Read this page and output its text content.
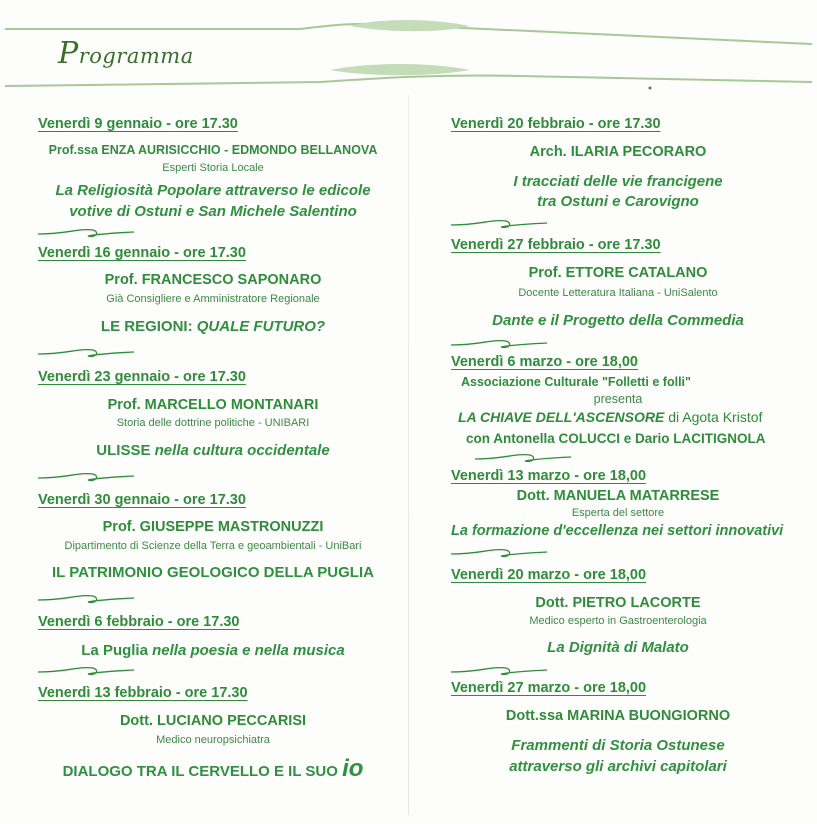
Programma
Venerdì 9 gennaio - ore 17.30
Prof.ssa ENZA AURISICCHIO - EDMONDO BELLANOVA
Esperti Storia Locale
La Religiosità Popolare attraverso le edicole
votive di Ostuni e San Michele Salentino
Venerdì 16 gennaio - ore 17.30
Prof. FRANCESCO SAPONARO
Già Consigliere e Amministratore Regionale
LE REGIONI: QUALE FUTURO?
Venerdì 23 gennaio - ore 17.30
Prof. MARCELLO MONTANARI
Storia delle dottrine politiche - UNIBARI
ULISSE nella cultura occidentale
Venerdì 30 gennaio - ore 17.30
Prof. GIUSEPPE MASTRONUZZI
Dipartimento di Scienze della Terra e geoambientali - UniBari
IL PATRIMONIO GEOLOGICO DELLA PUGLIA
Venerdì 6 febbraio - ore 17.30
La Puglia nella poesia e nella musica
Venerdì 13 febbraio - ore 17.30
Dott. LUCIANO PECCARISI
Medico neuropsichiatra
DIALOGO TRA IL CERVELLO E IL SUO io
Venerdì 20 febbraio - ore 17.30
Arch. ILARIA PECORARO
I tracciati delle vie francigene
tra Ostuni e Carovigno
Venerdì 27 febbraio - ore 17.30
Prof. ETTORE CATALANO
Docente Letteratura Italiana - UniSalento
Dante e il Progetto della Commedia
Venerdì 6 marzo - ore 18,00
Associazione Culturale "Folletti e folli"
presenta
LA CHIAVE DELL'ASCENSORE di Agota Kristof
con Antonella COLUCCI e Dario LACITIGNOLA
Venerdì 13 marzo - ore 18,00
Dott. MANUELA MATARRESE
Esperta del settore
La formazione d'eccellenza nei settori innovativi
Venerdì 20 marzo - ore 18,00
Dott. PIETRO LACORTE
Medico esperto in Gastroenterologia
La Dignità di Malato
Venerdì 27 marzo - ore 18,00
Dott.ssa MARINA BUONGIORNO
Frammenti di Storia Ostunese
attraverso gli archivi capitolari
